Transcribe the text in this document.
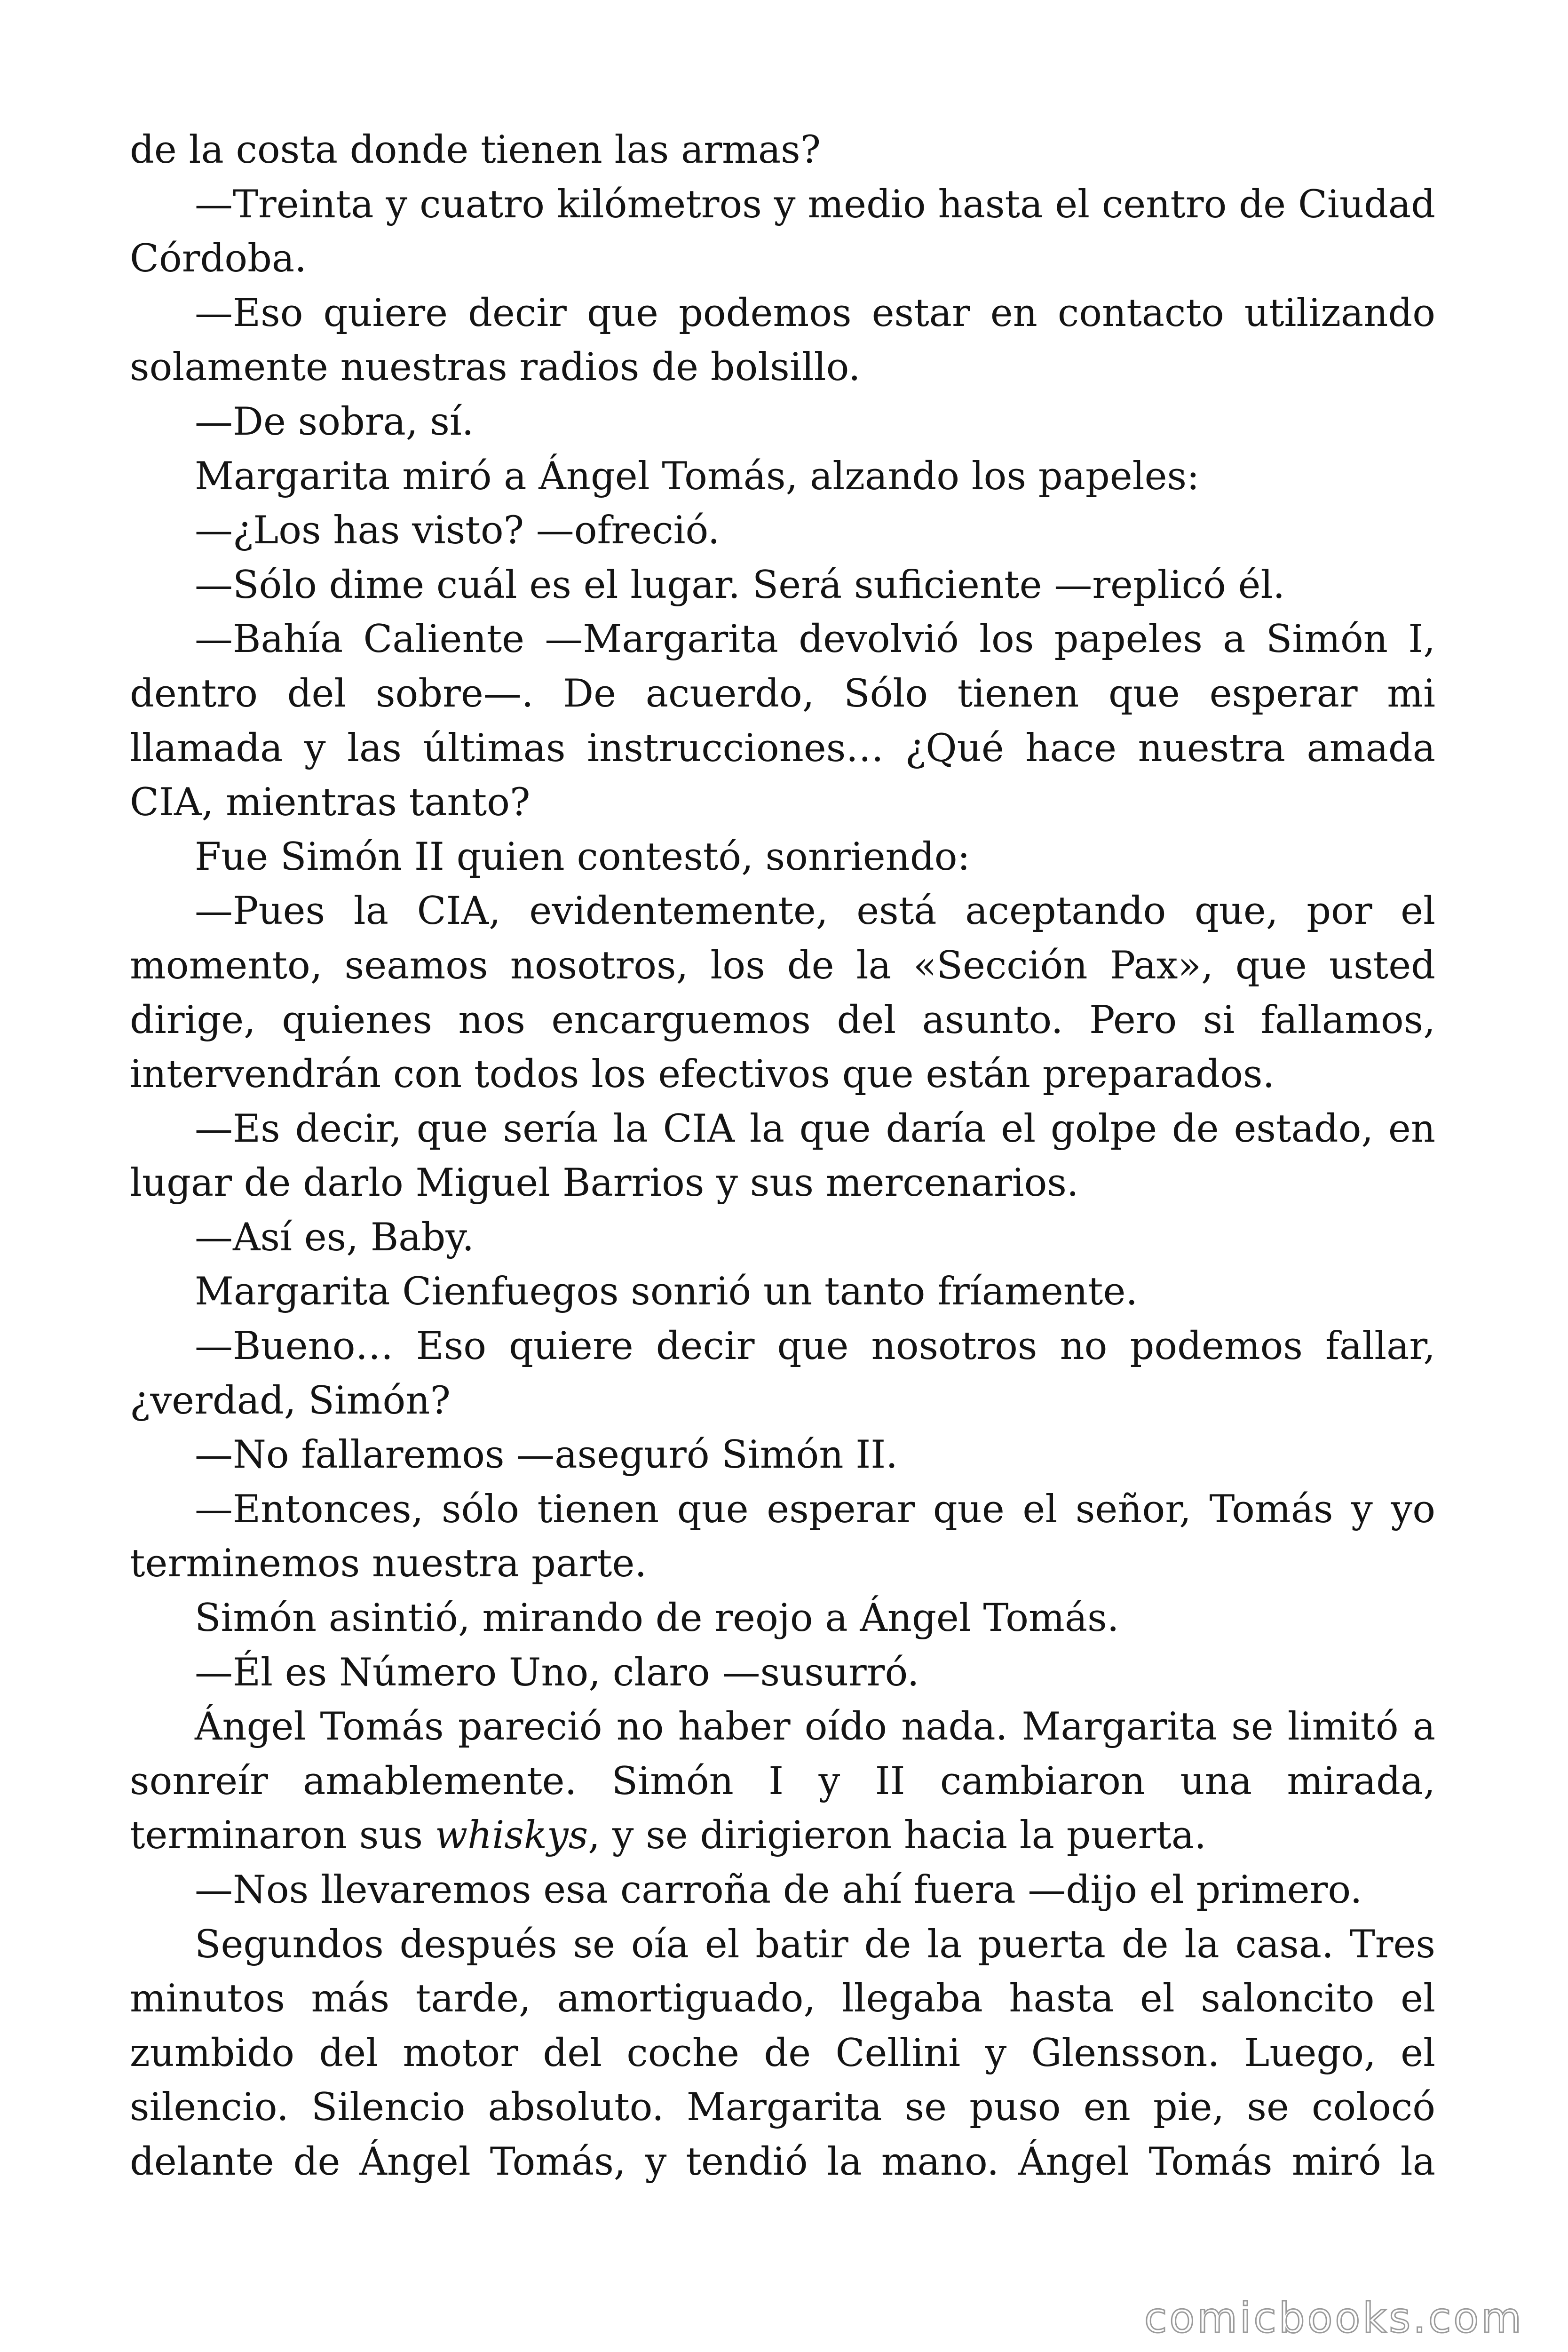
de la costa donde tienen las armas?

—Treinta y cuatro kilómetros y medio hasta el centro de Ciudad Córdoba.

—Eso quiere decir que podemos estar en contacto utilizando solamente nuestras radios de bolsillo.

—De sobra, sí.

Margarita miró a Ángel Tomás, alzando los papeles:

—¿Los has visto? —ofreció.

—Sólo dime cuál es el lugar. Será suficiente —replicó él.

—Bahía Caliente —Margarita devolvió los papeles a Simón I, dentro del sobre—. De acuerdo, Sólo tienen que esperar mi llamada y las últimas instrucciones… ¿Qué hace nuestra amada CIA, mientras tanto?

Fue Simón II quien contestó, sonriendo:

—Pues la CIA, evidentemente, está aceptando que, por el momento, seamos nosotros, los de la «Sección Pax», que usted dirige, quienes nos encarguemos del asunto. Pero si fallamos, intervendrán con todos los efectivos que están preparados.

—Es decir, que sería la CIA la que daría el golpe de estado, en lugar de darlo Miguel Barrios y sus mercenarios.

—Así es, Baby.

Margarita Cienfuegos sonrió un tanto fríamente.

—Bueno… Eso quiere decir que nosotros no podemos fallar, ¿verdad, Simón?

—No fallaremos —aseguró Simón II.

—Entonces, sólo tienen que esperar que el señor, Tomás y yo terminemos nuestra parte.

Simón asintió, mirando de reojo a Ángel Tomás.

—Él es Número Uno, claro —susurró.

Ángel Tomás pareció no haber oído nada. Margarita se limitó a sonreír amablemente. Simón I y II cambiaron una mirada, terminaron sus whiskys, y se dirigieron hacia la puerta.

—Nos llevaremos esa carroña de ahí fuera —dijo el primero.

Segundos después se oía el batir de la puerta de la casa. Tres minutos más tarde, amortiguado, llegaba hasta el saloncito el zumbido del motor del coche de Cellini y Glensson. Luego, el silencio. Silencio absoluto. Margarita se puso en pie, se colocó delante de Ángel Tomás, y tendió la mano. Ángel Tomás miró la

comicbooks.com
